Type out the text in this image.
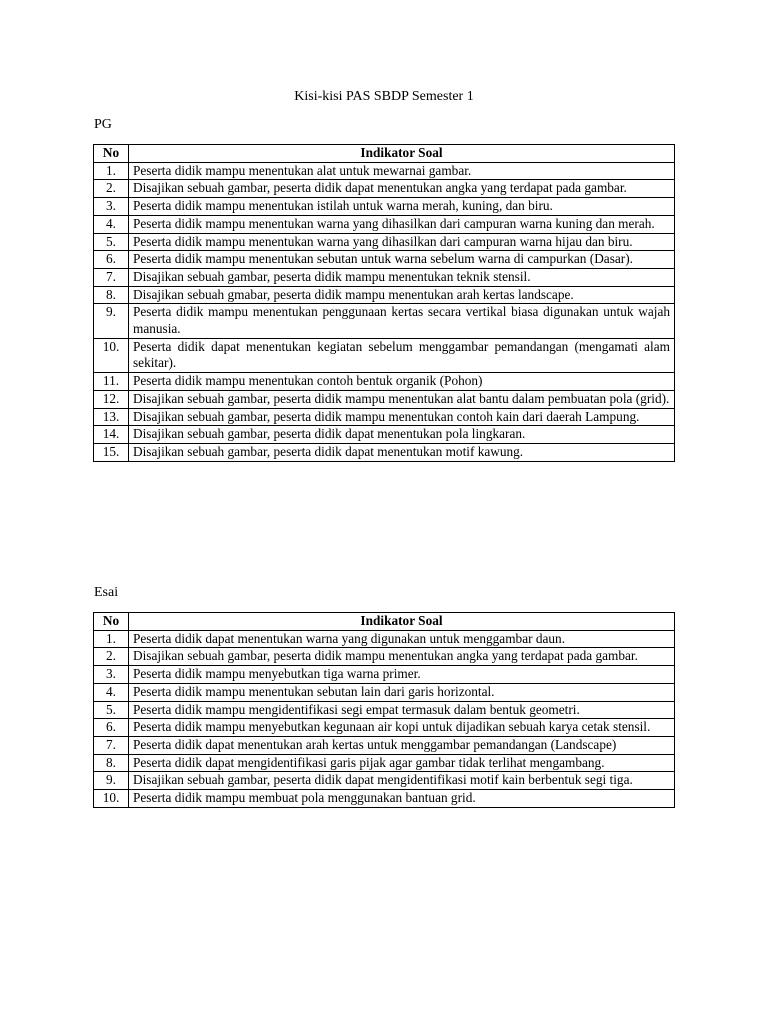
Kisi-kisi PAS SBDP Semester 1
PG
No	Indikator Soal
1.	Peserta didik mampu menentukan alat untuk mewarnai gambar.
2.	Disajikan sebuah gambar, peserta didik dapat menentukan angka yang terdapat pada gambar.
3.	Peserta didik mampu menentukan istilah untuk warna merah, kuning, dan biru.
4.	Peserta didik mampu menentukan warna yang dihasilkan dari campuran warna kuning dan merah.
5.	Peserta didik mampu menentukan warna yang dihasilkan dari campuran warna hijau dan biru.
6.	Peserta didik mampu menentukan sebutan untuk warna sebelum warna di campurkan (Dasar).
7.	Disajikan sebuah gambar, peserta didik mampu menentukan teknik stensil.
8.	Disajikan sebuah gmabar, peserta didik mampu menentukan arah kertas landscape.
9.	Peserta didik mampu menentukan penggunaan kertas secara vertikal biasa digunakan untuk wajah manusia.
10.	Peserta didik dapat menentukan kegiatan sebelum menggambar pemandangan (mengamati alam sekitar).
11.	Peserta didik mampu menentukan contoh bentuk organik (Pohon)
12.	Disajikan sebuah gambar, peserta didik mampu menentukan alat bantu dalam pembuatan pola (grid).
13.	Disajikan sebuah gambar, peserta didik mampu menentukan contoh kain dari daerah Lampung.
14.	Disajikan sebuah gambar, peserta didik dapat menentukan pola lingkaran.
15.	Disajikan sebuah gambar, peserta didik dapat menentukan motif kawung.
Esai
No	Indikator Soal
1.	Peserta didik dapat menentukan warna yang digunakan untuk menggambar daun.
2.	Disajikan sebuah gambar, peserta didik mampu menentukan angka yang terdapat pada gambar.
3.	Peserta didik mampu menyebutkan tiga warna primer.
4.	Peserta didik mampu menentukan sebutan lain dari garis horizontal.
5.	Peserta didik mampu mengidentifikasi segi empat termasuk dalam bentuk geometri.
6.	Peserta didik mampu menyebutkan kegunaan air kopi untuk dijadikan sebuah karya cetak stensil.
7.	Peserta didik dapat menentukan arah kertas untuk menggambar pemandangan (Landscape)
8.	Peserta didik dapat mengidentifikasi garis pijak agar gambar tidak terlihat mengambang.
9.	Disajikan sebuah gambar, peserta didik dapat mengidentifikasi motif kain berbentuk segi tiga.
10.	Peserta didik mampu membuat pola menggunakan bantuan grid.
